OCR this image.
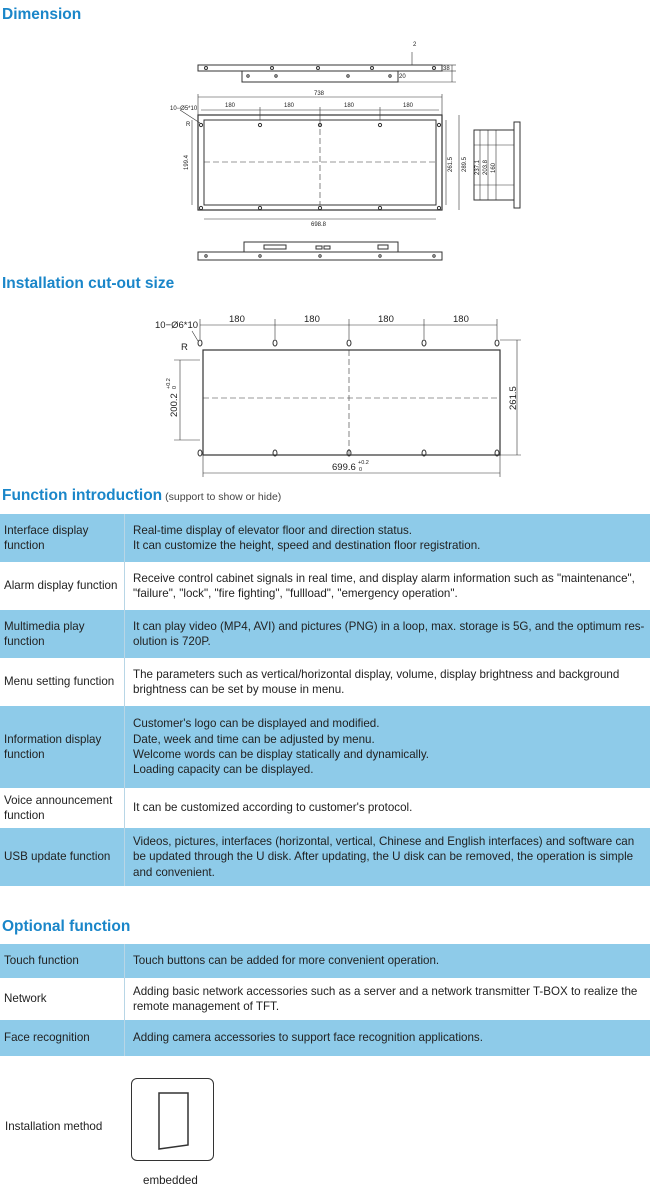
Dimension
2
20
38
738
180	180	180	180
10−Ø5*10
R
698.8
199.4	261.5 289.5 237.1 203.8 160
Installation cut-out size
10−Ø6*10
R
180	180	180	180
200.2
+0.2 0	261.5
699.6 +0.2
0
Function introduction (support to show or hide)
Interface display function	Real-time display of elevator floor and direction status.
It can customize the height, speed and destination floor registration.

Alarm display function	Receive control cabinet signals in real time, and display alarm information such as "maintenance",
"failure", "lock", "fire fighting", "fullload", "emergency operation".

Multimedia play function	It can play video (MP4, AVI) and pictures (PNG) in a loop, max. storage is 5G, and the optimum res-
olution is 720P.

Menu setting function	The parameters such as vertical/horizontal display, volume, display brightness and background
brightness can be set by mouse in menu.

Information display function	Customer's logo can be displayed and modified.
Date, week and time can be adjusted by menu.
Welcome words can be display statically and dynamically.
Loading capacity can be displayed.

Voice announcement function	It can be customized according to customer's protocol.

USB update function	Videos, pictures, interfaces (horizontal, vertical, Chinese and English interfaces) and software can
be updated through the U disk. After updating, the U disk can be removed, the operation is simple
and convenient.
Optional function
Touch function	Touch buttons can be added for more convenient operation.

Network	Adding basic network accessories such as a server and a network transmitter T-BOX to realize the
remote management of TFT.

Face recognition	Adding camera accessories to support face recognition applications.
Installation method
embedded
